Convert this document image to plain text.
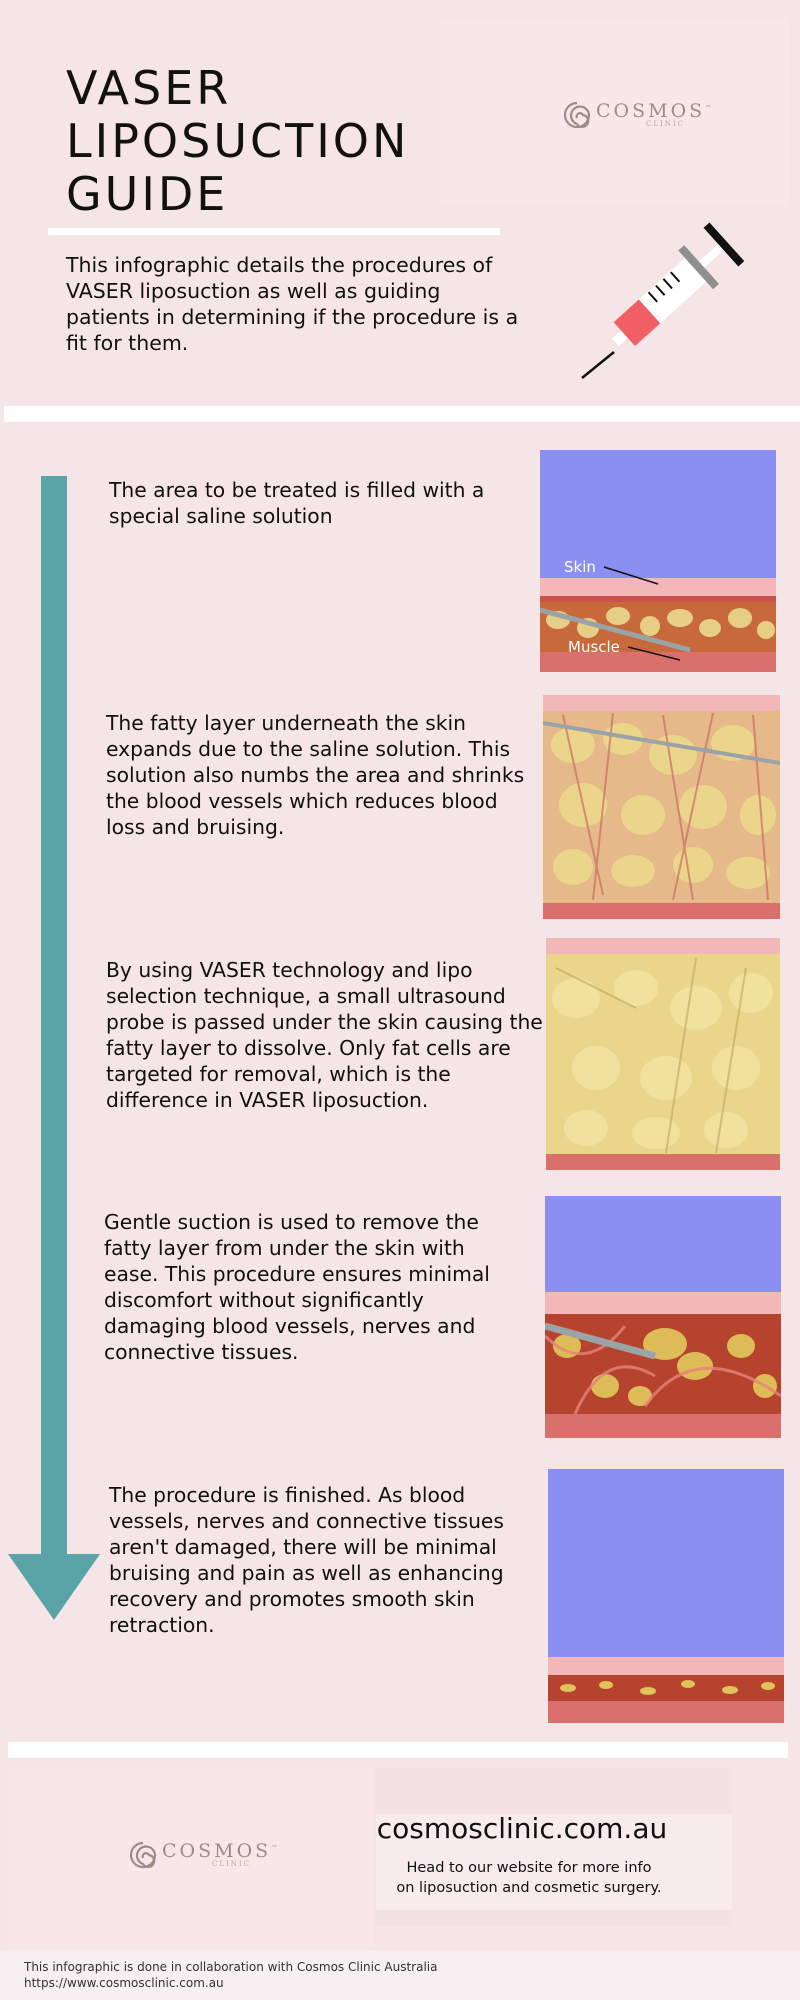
VASER
LIPOSUCTION
GUIDE

This infographic details the procedures of VASER liposuction as well as guiding patients in determining if the procedure is a fit for them.

COSMOS™
CLINIC

The area to be treated is filled with a special saline solution

Skin
Muscle

The fatty layer underneath the skin expands due to the saline solution. This solution also numbs the area and shrinks the blood vessels which reduces blood loss and bruising.

By using VASER technology and lipo selection technique, a small ultrasound probe is passed under the skin causing the fatty layer to dissolve. Only fat cells are targeted for removal, which is the difference in VASER liposuction.

Gentle suction is used to remove the fatty layer from under the skin with ease. This procedure ensures minimal discomfort without significantly damaging blood vessels, nerves and connective tissues.

The procedure is finished. As blood vessels, nerves and connective tissues aren't damaged, there will be minimal bruising and pain as well as enhancing recovery and promotes smooth skin retraction.

COSMOS™
CLINIC

cosmosclinic.com.au

Head to our website for more info
on liposuction and cosmetic surgery.

This infographic is done in collaboration with Cosmos Clinic Australia

https://www.cosmosclinic.com.au
